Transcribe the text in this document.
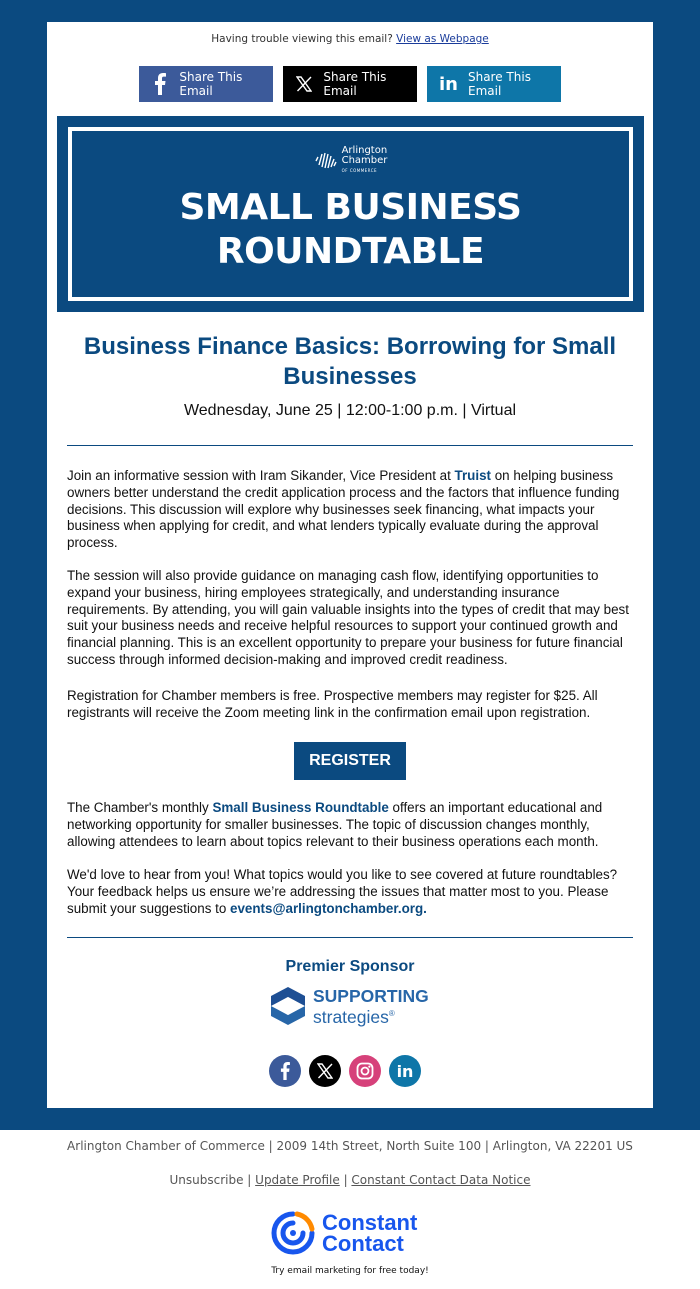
Having trouble viewing this email? View as Webpage
Share This Email
Share This Email	in Share This Email
Arlington
Chamber
OF COMMERCE
SMALL BUSINESS
ROUNDTABLE
Business Finance Basics: Borrowing for Small Businesses
Wednesday, June 25 | 12:00-1:00 p.m. | Virtual

Join an informative session with Iram Sikander, Vice President at Truist on helping business owners better understand the credit application process and the factors that influence funding decisions. This discussion will explore why businesses seek financing, what impacts your business when applying for credit, and what lenders typically evaluate during the approval process.

The session will also provide guidance on managing cash flow, identifying opportunities to expand your business, hiring employees strategically, and understanding insurance requirements. By attending, you will gain valuable insights into the types of credit that may best suit your business needs and receive helpful resources to support your continued growth and financial planning. This is an excellent opportunity to prepare your business for future financial success through informed decision-making and improved credit readiness.

Registration for Chamber members is free. Prospective members may register for $25. All registrants will receive the Zoom meeting link in the confirmation email upon registration.

REGISTER

The Chamber's monthly Small Business Roundtable offers an important educational and networking opportunity for smaller businesses. The topic of discussion changes monthly, allowing attendees to learn about topics relevant to their business operations each month.

We'd love to hear from you! What topics would you like to see covered at future roundtables? Your feedback helps us ensure we’re addressing the issues that matter most to you. Please submit your suggestions to events@arlingtonchamber.org.

Premier Sponsor
SUPPORTING
strategies®
in
Arlington Chamber of Commerce | 2009 14th Street, North Suite 100 | Arlington, VA 22201 US
Unsubscribe | Update Profile | Constant Contact Data Notice
Constant
Contact
Try email marketing for free today!
